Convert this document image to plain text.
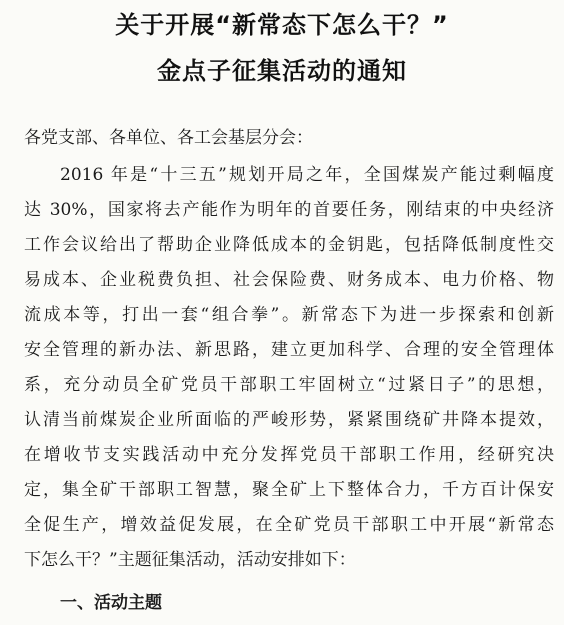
关于开展“新常态下怎么干？”
金点子征集活动的通知
各党支部、各单位、各工会基层分会：
2016 年是“十三五”规划开局之年，全国煤炭产能过剩幅度
达 30%，国家将去产能作为明年的首要任务，刚结束的中央经济
工作会议给出了帮助企业降低成本的金钥匙，包括降低制度性交
易成本、企业税费负担、社会保险费、财务成本、电力价格、物
流成本等，打出一套“组合拳”。新常态下为进一步探索和创新
安全管理的新办法、新思路，建立更加科学、合理的安全管理体
系，充分动员全矿党员干部职工牢固树立“过紧日子”的思想，
认清当前煤炭企业所面临的严峻形势，紧紧围绕矿井降本提效，
在增收节支实践活动中充分发挥党员干部职工作用，经研究决
定，集全矿干部职工智慧，聚全矿上下整体合力，千方百计保安
全促生产，增效益促发展，在全矿党员干部职工中开展“新常态
下怎么干？”主题征集活动，活动安排如下：
一、活动主题
